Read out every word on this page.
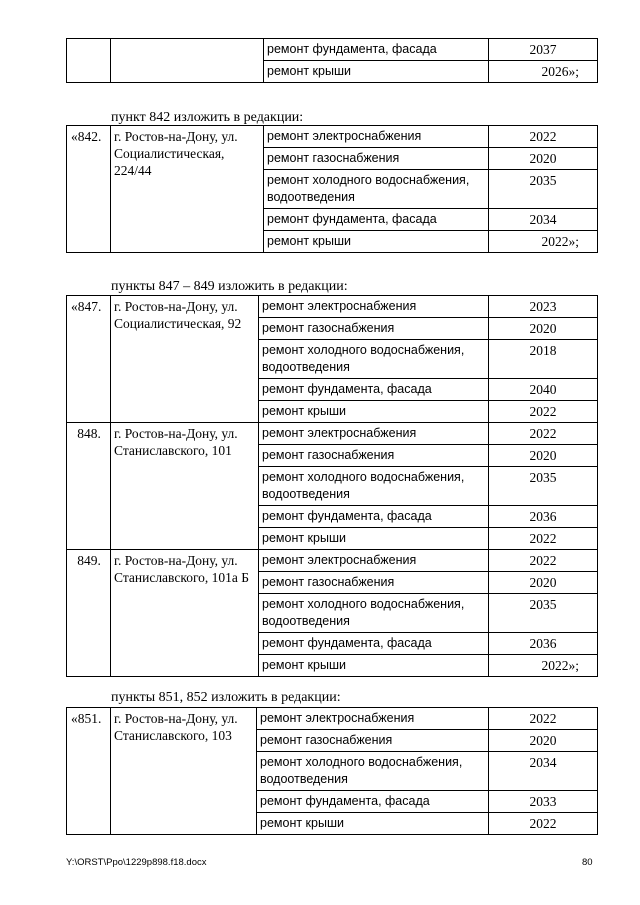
		ремонт фундамента, фасада	2037
		ремонт крыши	2026»;
пункт 842 изложить в редакции:
«842.	г. Ростов-на-Дону, ул. Социалистическая, 224/44	ремонт электроснабжения	2022
		ремонт газоснабжения	2020
		ремонт холодного водоснабжения, водоотведения	2035
		ремонт фундамента, фасада	2034
		ремонт крыши	2022»;
пункты 847 – 849 изложить в редакции:
«847.	г. Ростов-на-Дону, ул. Социалистическая, 92	ремонт электроснабжения	2023
		ремонт газоснабжения	2020
		ремонт холодного водоснабжения, водоотведения	2018
		ремонт фундамента, фасада	2040
		ремонт крыши	2022
848.	г. Ростов-на-Дону, ул. Станиславского, 101	ремонт электроснабжения	2022
		ремонт газоснабжения	2020
		ремонт холодного водоснабжения, водоотведения	2035
		ремонт фундамента, фасада	2036
		ремонт крыши	2022
849.	г. Ростов-на-Дону, ул. Станиславского, 101а Б	ремонт электроснабжения	2022
		ремонт газоснабжения	2020
		ремонт холодного водоснабжения, водоотведения	2035
		ремонт фундамента, фасада	2036
		ремонт крыши	2022»;
пункты 851, 852 изложить в редакции:
«851.	г. Ростов-на-Дону, ул. Станиславского, 103	ремонт электроснабжения	2022
		ремонт газоснабжения	2020
		ремонт холодного водоснабжения, водоотведения	2034
		ремонт фундамента, фасада	2033
		ремонт крыши	2022
Y:\ORST\Ppo\1229p898.f18.docx	80
